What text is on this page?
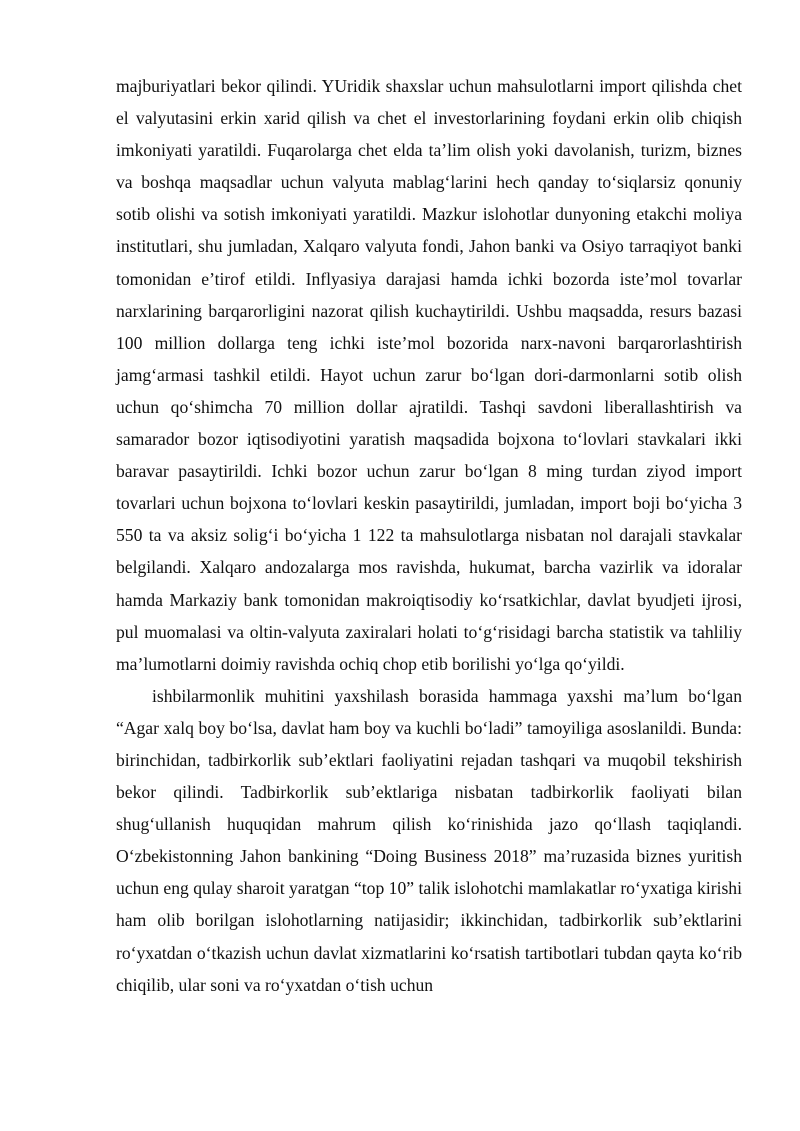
majburiyatlari bekor qilindi. YUridik shaxslar uchun mahsulotlarni import qilishda chet el valyutasini erkin xarid qilish va chet el investorlarining foydani erkin olib chiqish imkoniyati yaratildi. Fuqarolarga chet elda ta’lim olish yoki davolanish, turizm, biznes va boshqa maqsadlar uchun valyuta mablag‘larini hech qanday to‘siqlarsiz qonuniy sotib olishi va sotish imkoniyati yaratildi. Mazkur islohotlar dunyoning etakchi moliya institutlari, shu jumladan, Xalqaro valyuta fondi, Jahon banki va Osiyo tarraqiyot banki tomonidan e’tirof etildi. Inflyasiya darajasi hamda ichki bozorda iste’mol tovarlar narxlarining barqarorligini nazorat qilish kuchaytirildi. Ushbu maqsadda, resurs bazasi 100 million dollarga teng ichki iste’mol bozorida narx-navoni barqarorlashtirish jamg‘armasi tashkil etildi. Hayot uchun zarur bo‘lgan dori-darmonlarni sotib olish uchun qo‘shimcha 70 million dollar ajratildi. Tashqi savdoni liberallashtirish va samarador bozor iqtisodiyotini yaratish maqsadida bojxona to‘lovlari stavkalari ikki baravar pasaytirildi. Ichki bozor uchun zarur bo‘lgan 8 ming turdan ziyod import tovarlari uchun bojxona to‘lovlari keskin pasaytirildi, jumladan, import boji bo‘yicha 3 550 ta va aksiz solig‘i bo‘yicha 1 122 ta mahsulotlarga nisbatan nol darajali stavkalar belgilandi. Xalqaro andozalarga mos ravishda, hukumat, barcha vazirlik va idoralar hamda Markaziy bank tomonidan makroiqtisodiy ko‘rsatkichlar, davlat byudjeti ijrosi, pul muomalasi va oltin-valyuta zaxiralari holati to‘g‘risidagi barcha statistik va tahliliy ma’lumotlarni doimiy ravishda ochiq chop etib borilishi yo‘lga qo‘yildi.

ishbilarmonlik muhitini yaxshilash borasida hammaga yaxshi ma’lum bo‘lgan “Agar xalq boy bo‘lsa, davlat ham boy va kuchli bo‘ladi” tamoyiliga asoslanildi. Bunda: birinchidan, tadbirkorlik sub’ektlari faoliyatini rejadan tashqari va muqobil tekshirish bekor qilindi. Tadbirkorlik sub’ektlariga nisbatan tadbirkorlik faoliyati bilan shug‘ullanish huquqidan mahrum qilish ko‘rinishida jazo qo‘llash taqiqlandi. O‘zbekistonning Jahon bankining “Doing Business 2018” ma’ruzasida biznes yuritish uchun eng qulay sharoit yaratgan “top 10” talik islohotchi mamlakatlar ro‘yxatiga kirishi ham olib borilgan islohotlarning natijasidir; ikkinchidan, tadbirkorlik sub’ektlarini ro‘yxatdan o‘tkazish uchun davlat xizmatlarini ko‘rsatish tartibotlari tubdan qayta ko‘rib chiqilib, ular soni va ro‘yxatdan o‘tish uchun
